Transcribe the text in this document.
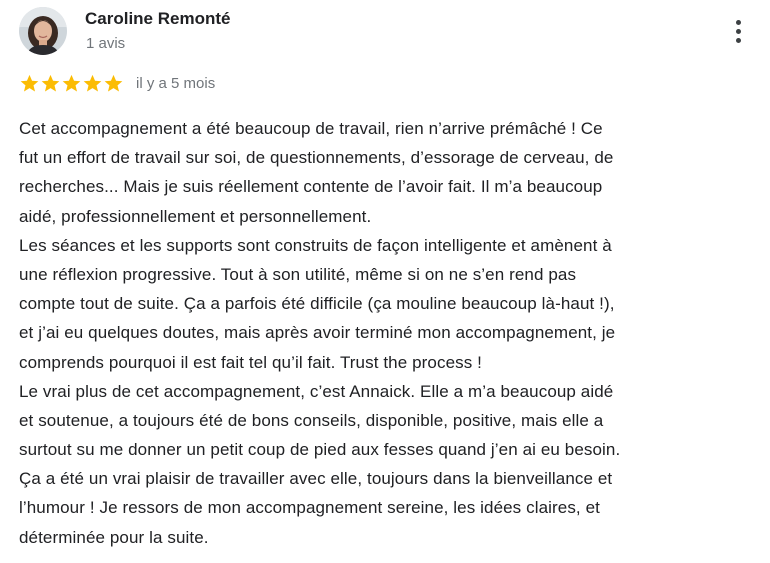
Caroline Remonté
1 avis
il y a 5 mois
Cet accompagnement a été beaucoup de travail, rien n’arrive prémâché ! Ce
fut un effort de travail sur soi, de questionnements, d’essorage de cerveau, de
recherches... Mais je suis réellement contente de l’avoir fait. Il m’a beaucoup
aidé, professionnellement et personnellement.
Les séances et les supports sont construits de façon intelligente et amènent à
une réflexion progressive. Tout à son utilité, même si on ne s’en rend pas
compte tout de suite. Ça a parfois été difficile (ça mouline beaucoup là-haut !),
et j’ai eu quelques doutes, mais après avoir terminé mon accompagnement, je
comprends pourquoi il est fait tel qu’il fait. Trust the process !
Le vrai plus de cet accompagnement, c’est Annaick. Elle a m’a beaucoup aidé
et soutenue, a toujours été de bons conseils, disponible, positive, mais elle a
surtout su me donner un petit coup de pied aux fesses quand j’en ai eu besoin.
Ça a été un vrai plaisir de travailler avec elle, toujours dans la bienveillance et
l’humour ! Je ressors de mon accompagnement sereine, les idées claires, et
déterminée pour la suite.
